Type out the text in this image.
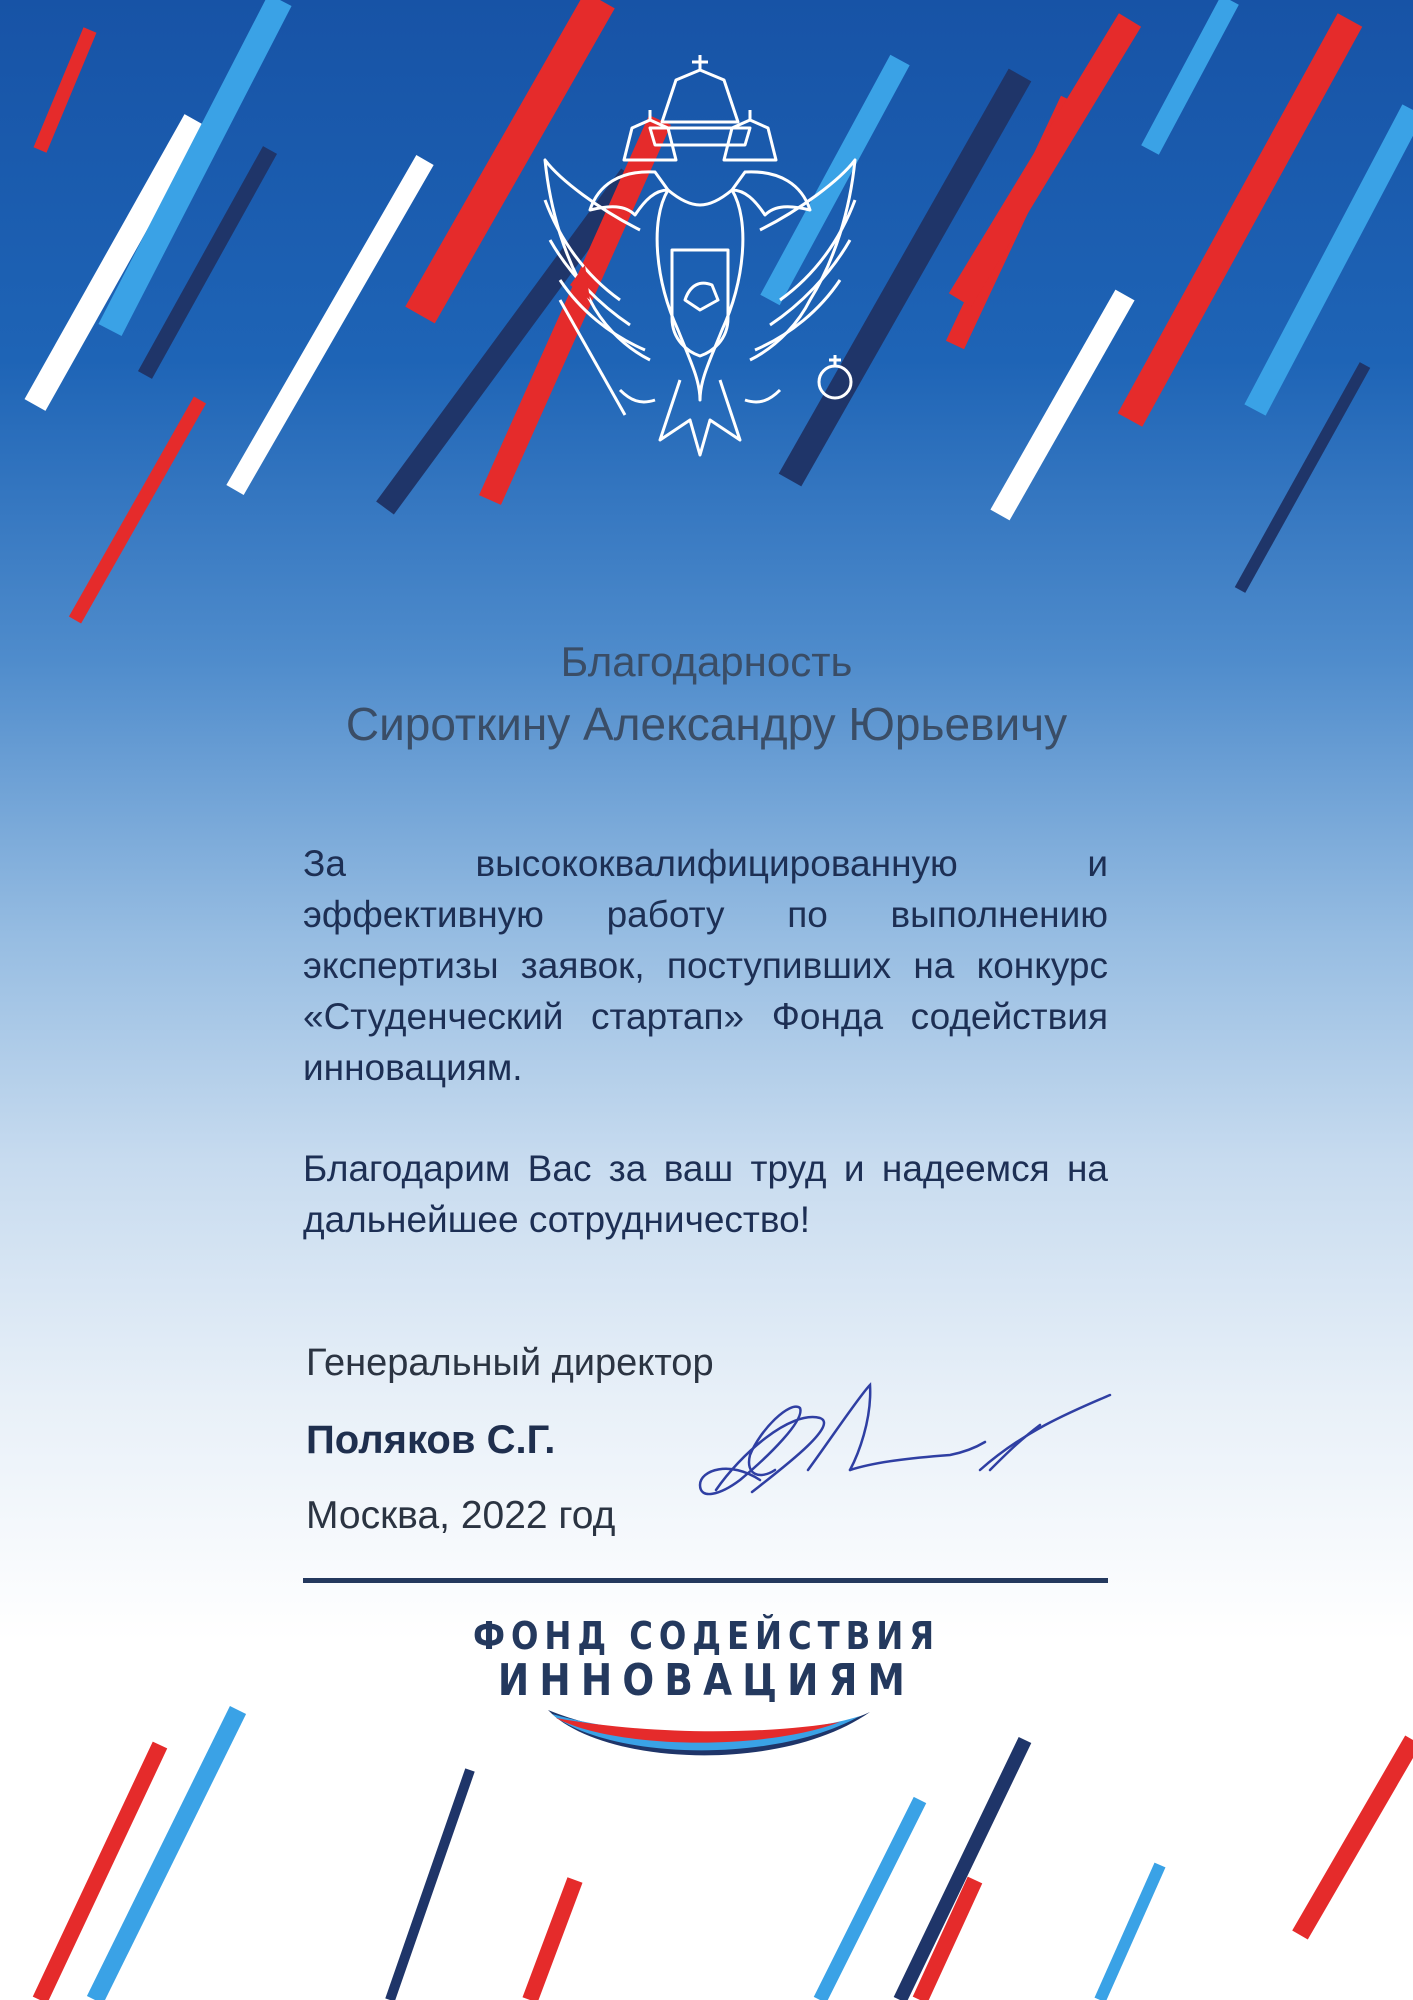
Благодарность
Сироткину Александру Юрьевичу
За высококвалифицированную и эффективную работу по выполнению экспертизы заявок, поступивших на конкурс «Студенческий стартап» Фонда содействия инновациям.
Благодарим Вас за ваш труд и надеемся на дальнейшее сотрудничество!
Генеральный директор
Поляков С.Г.
Москва, 2022 год
ФОНД СОДЕЙСТВИЯ
ИННОВАЦИЯМ
